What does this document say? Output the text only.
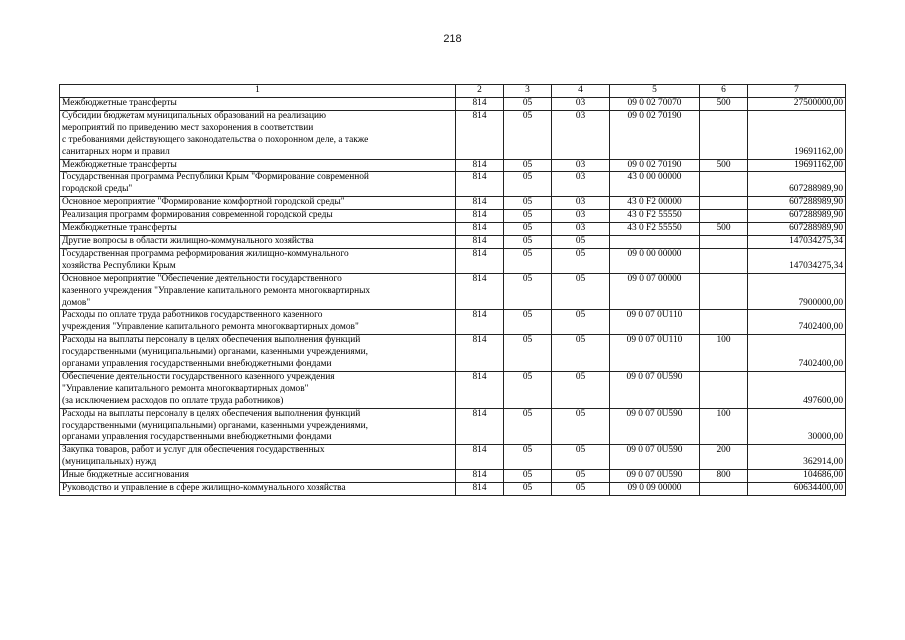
218
1	2	3	4	5	6	7
Межбюджетные трансферты	814	05	03	09 0 02 70070	500	27500000,00
Субсидии бюджетам муниципальных образований на реализацию
мероприятий по приведению мест захоронения в соответствии
с требованиями действующего законодательства о похоронном деле, а также
санитарных норм и правил	814	05	03	09 0 02 70190		19691162,00
Межбюджетные трансферты	814	05	03	09 0 02 70190	500	19691162,00
Государственная программа Республики Крым "Формирование современной
городской среды"	814	05	03	43 0 00 00000		607288989,90
Основное мероприятие "Формирование комфортной городской среды"	814	05	03	43 0 F2 00000		607288989,90
Реализация программ формирования современной городской среды	814	05	03	43 0 F2 55550		607288989,90
Межбюджетные трансферты	814	05	03	43 0 F2 55550	500	607288989,90
Другие вопросы в области жилищно-коммунального хозяйства	814	05	05			147034275,34
Государственная программа реформирования жилищно-коммунального
хозяйства Республики Крым	814	05	05	09 0 00 00000		147034275,34
Основное мероприятие "Обеспечение деятельности государственного
казенного учреждения "Управление капитального ремонта многоквартирных
домов"	814	05	05	09 0 07 00000		7900000,00
Расходы по оплате труда работников государственного казенного
учреждения "Управление капитального ремонта многоквартирных домов"	814	05	05	09 0 07 0U110		7402400,00
Расходы на выплаты персоналу в целях обеспечения выполнения функций
государственными (муниципальными) органами, казенными учреждениями,
органами управления государственными внебюджетными фондами	814	05	05	09 0 07 0U110	100	7402400,00
Обеспечение деятельности государственного казенного учреждения
"Управление капитального ремонта многоквартирных домов"
(за исключением расходов по оплате труда работников)	814	05	05	09 0 07 0U590		497600,00
Расходы на выплаты персоналу в целях обеспечения выполнения функций
государственными (муниципальными) органами, казенными учреждениями,
органами управления государственными внебюджетными фондами	814	05	05	09 0 07 0U590	100	30000,00
Закупка товаров, работ и услуг для обеспечения государственных
(муниципальных) нужд	814	05	05	09 0 07 0U590	200	362914,00
Иные бюджетные ассигнования	814	05	05	09 0 07 0U590	800	104686,00
Руководство и управление в сфере жилищно-коммунального хозяйства	814	05	05	09 0 09 00000		60634400,00
